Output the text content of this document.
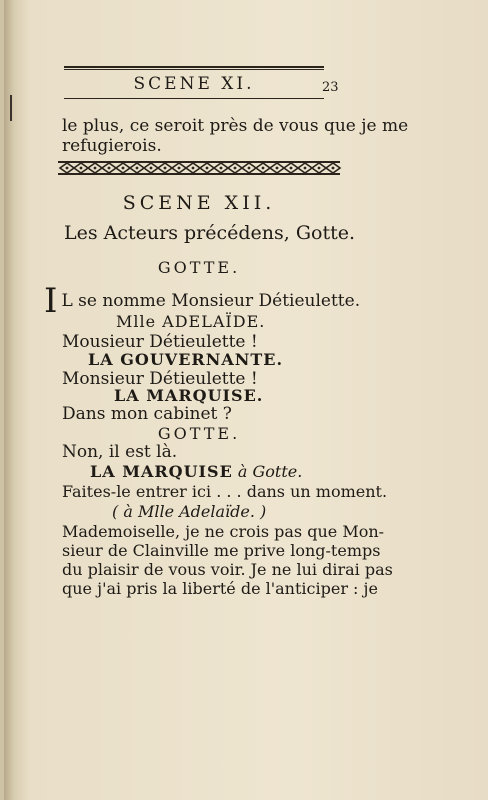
SCENE XI.	23
le plus, ce seroit près de vous que je me
refugierois.
SCENE XII.
Les Acteurs précédens, Gotte.
GOTTE.
I L se nomme Monsieur Détieulette.
Mlle ADELAÏDE.
Mousieur Détieulette !
LA GOUVERNANTE.
Monsieur Détieulette !
LA MARQUISE.
Dans mon cabinet ?
GOTTE.
Non, il est là.
LA MARQUISE à Gotte.
Faites-le entrer ici . . . dans un moment.
( à Mlle Adelaïde. )
Mademoiselle, je ne crois pas que Mon-
sieur de Clainville me prive long-temps
du plaisir de vous voir. Je ne lui dirai pas
que j'ai pris la liberté de l'anticiper : je
